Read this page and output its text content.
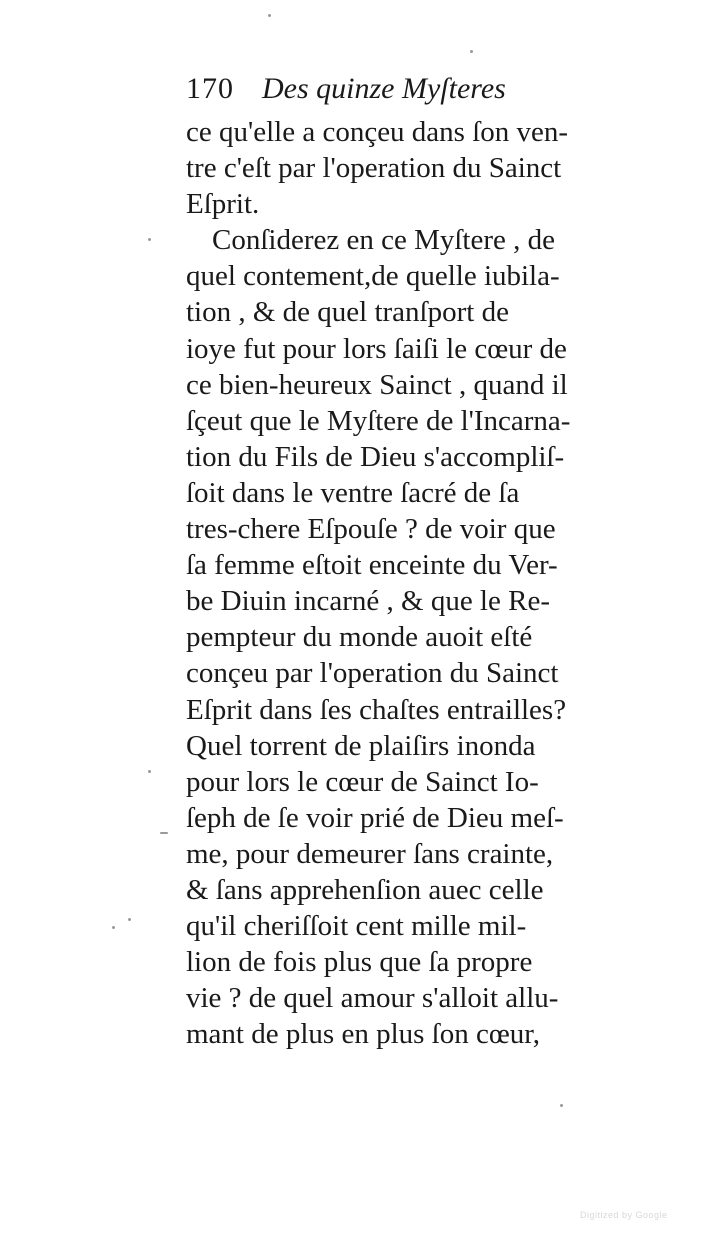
170 Des quinze Myſteres
ce qu'elle a conçeu dans ſon ven-
tre c'eſt par l'operation du Sainct
Eſprit.
Conſiderez en ce Myſtere , de
quel contement,de quelle iubila-
tion , & de quel tranſport de
ioye fut pour lors ſaiſi le cœur de
ce bien-heureux Sainct , quand il
ſçeut que le Myſtere de l'Incarna-
tion du Fils de Dieu s'accompliſ-
ſoit dans le ventre ſacré de ſa
tres-chere Eſpouſe ? de voir que
ſa femme eſtoit enceinte du Ver-
be Diuin incarné , & que le Re-
pempteur du monde auoit eſté
conçeu par l'operation du Sainct
Eſprit dans ſes chaſtes entrailles?
Quel torrent de plaiſirs inonda
pour lors le cœur de Sainct Io-
ſeph de ſe voir prié de Dieu meſ-
me, pour demeurer ſans crainte,
& ſans apprehenſion auec celle
qu'il cheriſſoit cent mille mil-
lion de fois plus que ſa propre
vie ? de quel amour s'alloit allu-
mant de plus en plus ſon cœur,
Digitized by Google
